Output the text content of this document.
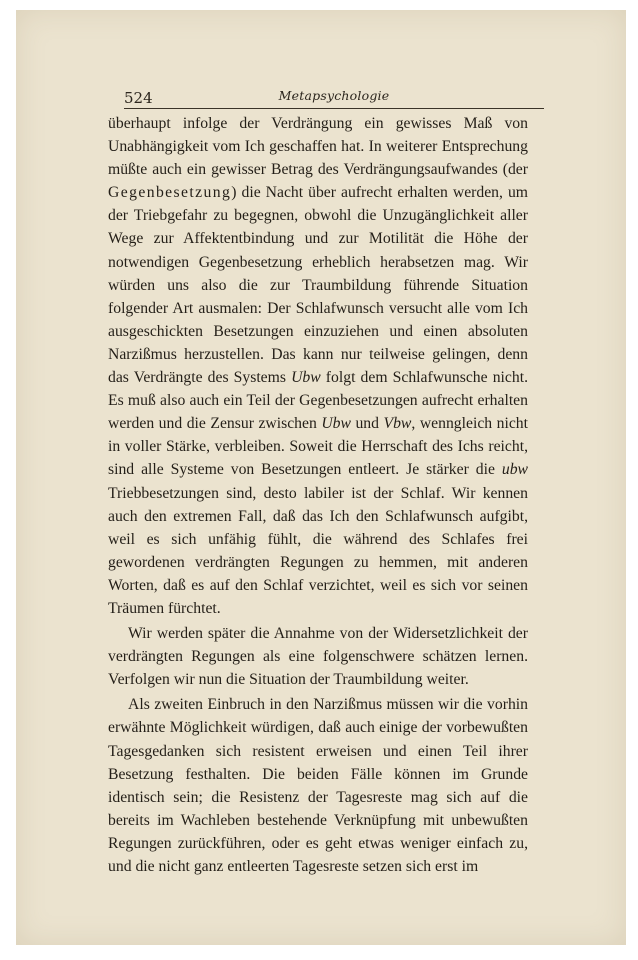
524	Metapsychologie

überhaupt infolge der Verdrängung ein gewisses Maß von Unabhängigkeit vom Ich geschaffen hat. In weiterer Entsprechung müßte auch ein gewisser Betrag des Verdrängungsaufwandes (der Gegenbesetzung) die Nacht über aufrecht erhalten werden, um der Triebgefahr zu begegnen, obwohl die Unzugänglichkeit aller Wege zur Affektentbindung und zur Motilität die Höhe der notwendigen Gegenbesetzung erheblich herabsetzen mag. Wir würden uns also die zur Traumbildung führende Situation folgender Art ausmalen: Der Schlafwunsch versucht alle vom Ich ausgeschickten Besetzungen einzuziehen und einen absoluten Narzißmus herzustellen. Das kann nur teilweise gelingen, denn das Verdrängte des Systems Ubw folgt dem Schlafwunsche nicht. Es muß also auch ein Teil der Gegenbesetzungen aufrecht erhalten werden und die Zensur zwischen Ubw und Vbw, wenngleich nicht in voller Stärke, verbleiben. Soweit die Herrschaft des Ichs reicht, sind alle Systeme von Besetzungen entleert. Je stärker die ubw Triebbesetzungen sind, desto labiler ist der Schlaf. Wir kennen auch den extremen Fall, daß das Ich den Schlafwunsch aufgibt, weil es sich unfähig fühlt, die während des Schlafes frei gewordenen verdrängten Regungen zu hemmen, mit anderen Worten, daß es auf den Schlaf verzichtet, weil es sich vor seinen Träumen fürchtet.

Wir werden später die Annahme von der Widersetzlichkeit der verdrängten Regungen als eine folgenschwere schätzen lernen. Verfolgen wir nun die Situation der Traumbildung weiter.

Als zweiten Einbruch in den Narzißmus müssen wir die vorhin erwähnte Möglichkeit würdigen, daß auch einige der vorbewußten Tagesgedanken sich resistent erweisen und einen Teil ihrer Besetzung festhalten. Die beiden Fälle können im Grunde identisch sein; die Resistenz der Tagesreste mag sich auf die bereits im Wachleben bestehende Verknüpfung mit unbewußten Regungen zurückführen, oder es geht etwas weniger einfach zu, und die nicht ganz entleerten Tagesreste setzen sich erst im
